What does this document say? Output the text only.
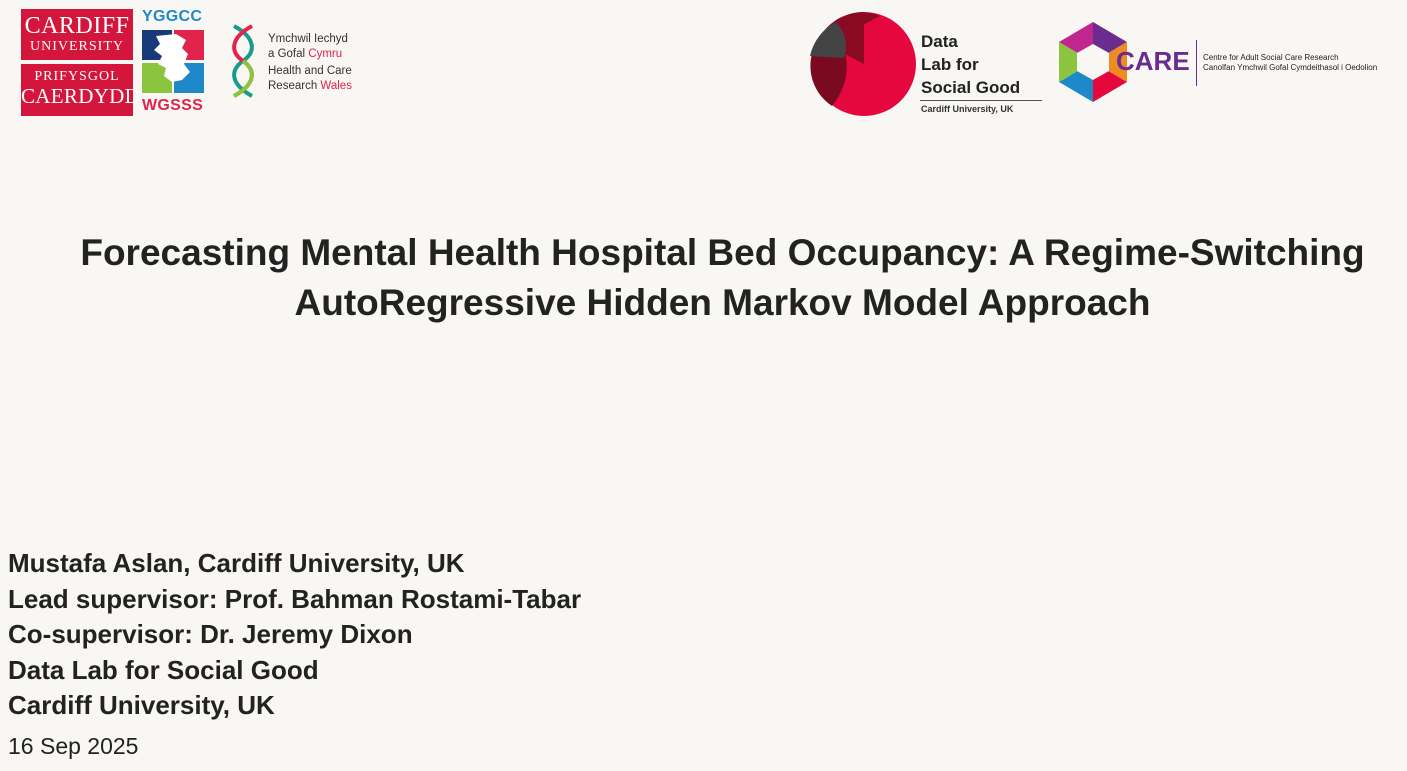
CARDIFF
UNIVERSITY
PRIFYSGOL
CAERDYDD
YGGCC
WGSSS
Ymchwil Iechyd
a Gofal Cymru
Health and Care
Research Wales
Data
Lab for
Social Good
Cardiff University, UK
CARE Centre for Adult Social Care Research
Canolfan Ymchwil Gofal Cymdeithasol i Oedolion
Forecasting Mental Health Hospital Bed Occupancy: A Regime-Switching
AutoRegressive Hidden Markov Model Approach
Mustafa Aslan, Cardiff University, UK
Lead supervisor: Prof. Bahman Rostami-Tabar
Co-supervisor: Dr. Jeremy Dixon
Data Lab for Social Good
Cardiff University, UK
16 Sep 2025
